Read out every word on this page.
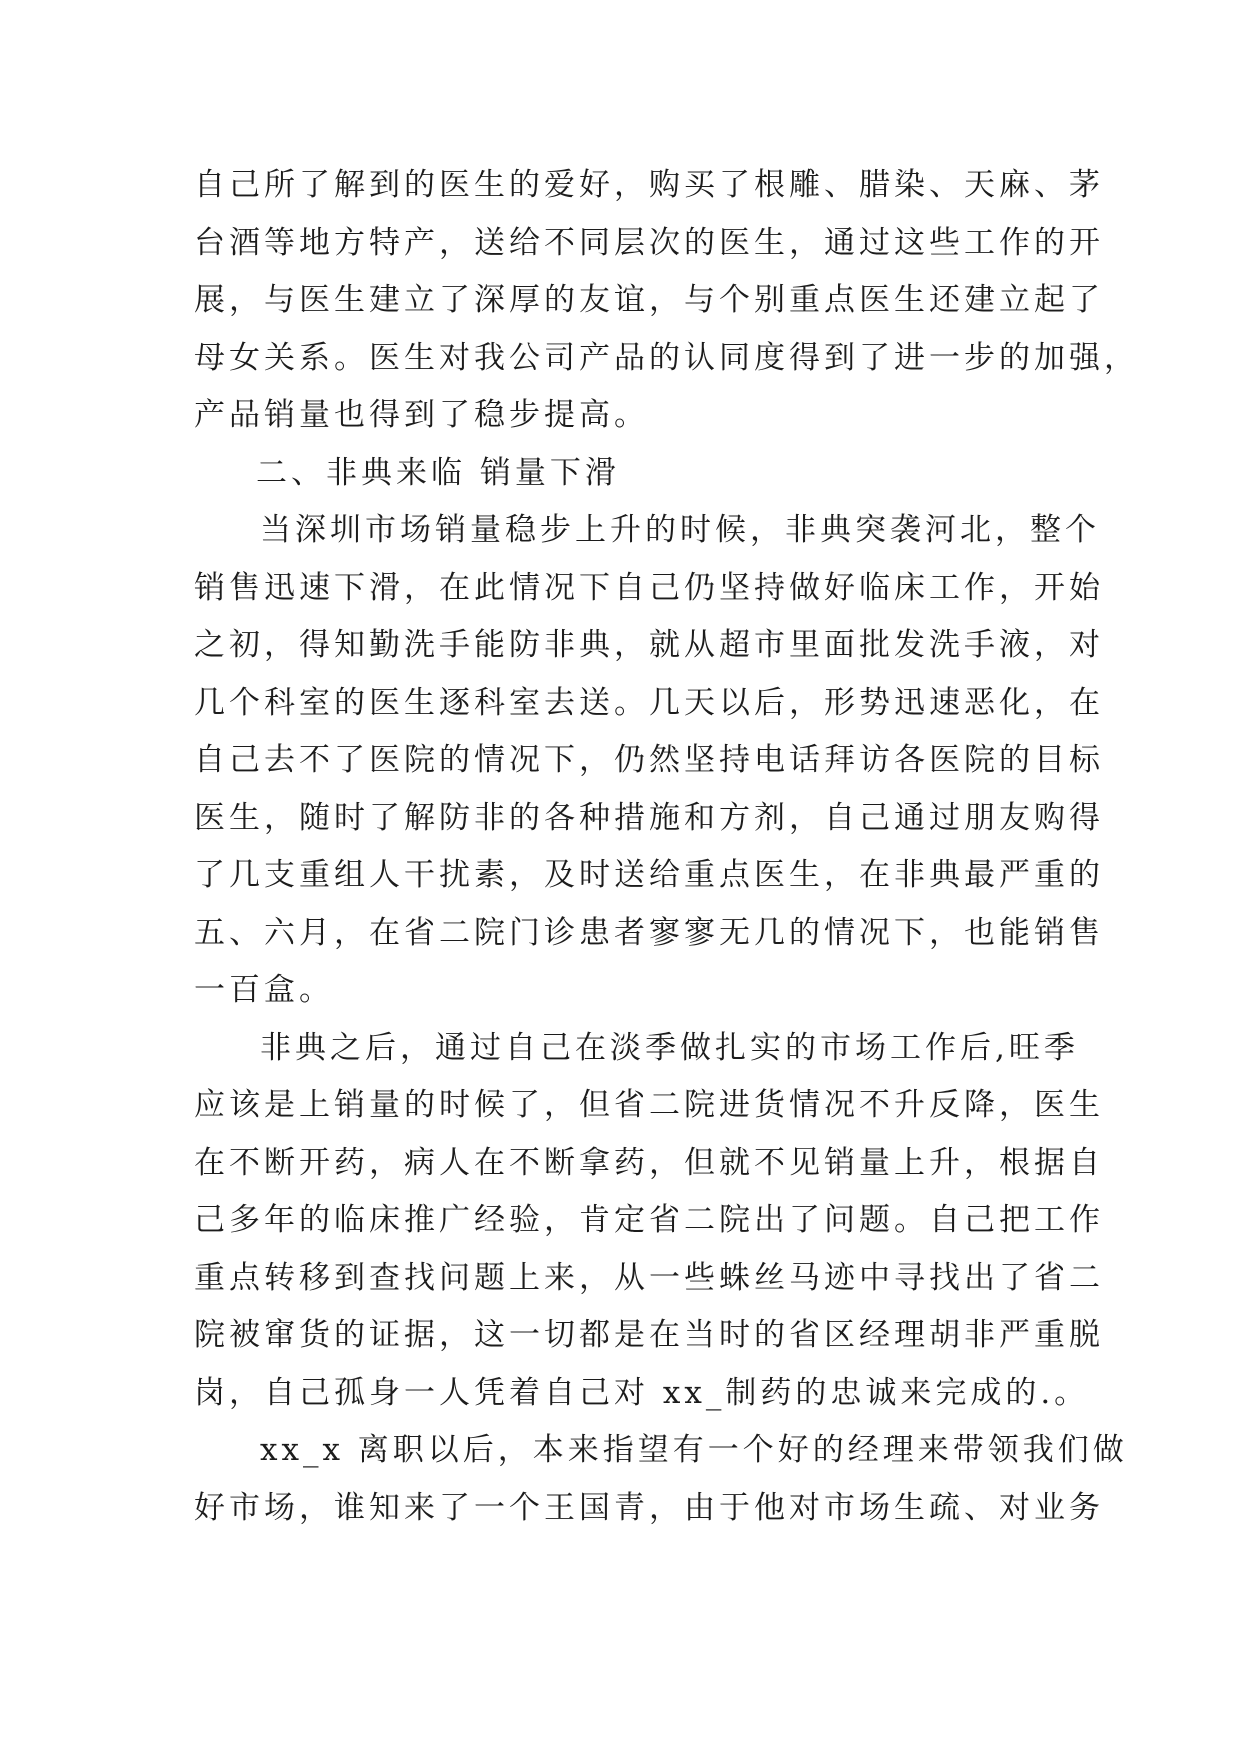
自己所了解到的医生的爱好，购买了根雕、腊染、天麻、茅
台酒等地方特产，送给不同层次的医生，通过这些工作的开
展，与医生建立了深厚的友谊，与个别重点医生还建立起了
母女关系。医生对我公司产品的认同度得到了进一步的加强，
产品销量也得到了稳步提高。
二、非典来临 销量下滑
当深圳市场销量稳步上升的时候，非典突袭河北，整个
销售迅速下滑，在此情况下自己仍坚持做好临床工作，开始
之初，得知勤洗手能防非典，就从超市里面批发洗手液，对
几个科室的医生逐科室去送。几天以后，形势迅速恶化，在
自己去不了医院的情况下，仍然坚持电话拜访各医院的目标
医生，随时了解防非的各种措施和方剂，自己通过朋友购得
了几支重组人干扰素，及时送给重点医生，在非典最严重的
五、六月，在省二院门诊患者寥寥无几的情况下，也能销售
一百盒。
非典之后，通过自己在淡季做扎实的市场工作后,旺季
应该是上销量的时候了，但省二院进货情况不升反降，医生
在不断开药，病人在不断拿药，但就不见销量上升，根据自
己多年的临床推广经验，肯定省二院出了问题。自己把工作
重点转移到查找问题上来，从一些蛛丝马迹中寻找出了省二
院被窜货的证据，这一切都是在当时的省区经理胡非严重脱
岗，自己孤身一人凭着自己对 xx_制药的忠诚来完成的.。
xx_x 离职以后，本来指望有一个好的经理来带领我们做
好市场，谁知来了一个王国青，由于他对市场生疏、对业务
